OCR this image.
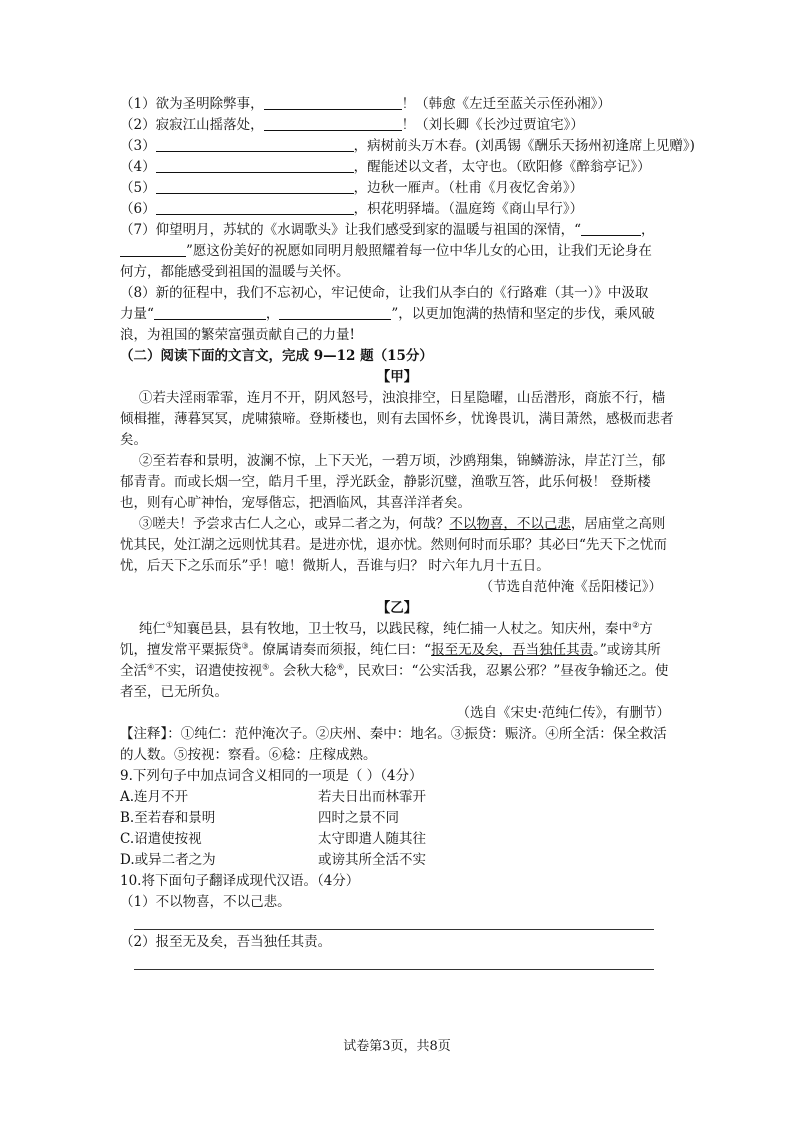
（1）欲为圣明除弊事，	！（韩愈《左迁至蓝关示侄孙湘》）
（2）寂寂江山摇落处，	！（刘长卿《长沙过贾谊宅》）
（3）	，病树前头万木春。(刘禹锡《酬乐天扬州初逢席上见赠》)
（4）	，醒能述以文者，太守也。（欧阳修《醉翁亭记》）
（5）	，边秋一雁声。（杜甫《月夜忆舍弟》）
（6）	，枳花明驿墙。（温庭筠《商山早行》）
（7）仰望明月，苏轼的《水调歌头》让我们感受到家的温暖与祖国的深情，“	，
”愿这份美好的祝愿如同明月般照耀着每一位中华儿女的心田，让我们无论身在
何方，都能感受到祖国的温暖与关怀。
（8）新的征程中，我们不忘初心，牢记使命，让我们从李白的《行路难（其一）》中汲取
力量“	，	”，以更加饱满的热情和坚定的步伐，乘风破
浪，为祖国的繁荣富强贡献自己的力量!
（二）阅读下面的文言文，完成 9—12 题（15分）
【甲】
①若夫淫雨霏霏，连月不开，阴风怒号，浊浪排空，日星隐曜，山岳潜形，商旅不行，樯倾楫摧，薄暮冥冥，虎啸猿啼。登斯楼也，则有去国怀乡，忧谗畏讥，满目萧然，感极而悲者矣。
②至若春和景明，波澜不惊，上下天光，一碧万顷，沙鸥翔集，锦鳞游泳，岸芷汀兰，郁郁青青。而或长烟一空，皓月千里，浮光跃金，静影沉璧，渔歌互答，此乐何极！ 登斯楼也，则有心旷神怡，宠辱偕忘，把酒临风，其喜洋洋者矣。
③嗟夫！予尝求古仁人之心，或异二者之为，何哉？不以物喜，不以己悲，居庙堂之高则忧其民，处江湖之远则忧其君。是进亦忧，退亦忧。然则何时而乐耶？其必曰“先天下之忧而忧，后天下之乐而乐”乎！噫！微斯人，吾谁与归？ 时六年九月十五日。
（节选自范仲淹《岳阳楼记》）
【乙】
纯仁①知襄邑县，县有牧地，卫士牧马，以践民稼，纯仁捕一人杖之。知庆州，秦中②方饥，擅发常平粟振贷③。僚属请奏而须报，纯仁曰：“报至无及矣，吾当独任其责。”或谤其所全活④不实，诏遣使按视⑤。会秋大稔⑥，民欢曰：“公实活我，忍累公邪？”昼夜争输还之。使者至，已无所负。
（选自《宋史·范纯仁传》，有删节）
【注释】：①纯仁：范仲淹次子。②庆州、秦中：地名。③振贷：赈济。④所全活：保全救活的人数。⑤按视：察看。⑥稔：庄稼成熟。
9.下列句子中加点词含义相同的一项是（ ）（4分）
A.连月不开	若夫日出而林霏开
B.至若春和景明	四时之景不同
C.诏遣使按视	太守即遣人随其往
D.或异二者之为	或谤其所全活不实
10.将下面句子翻译成现代汉语。（4分）
（1）不以物喜，不以己悲。
（2）报至无及矣，吾当独任其责。
试卷第3页，共8页
